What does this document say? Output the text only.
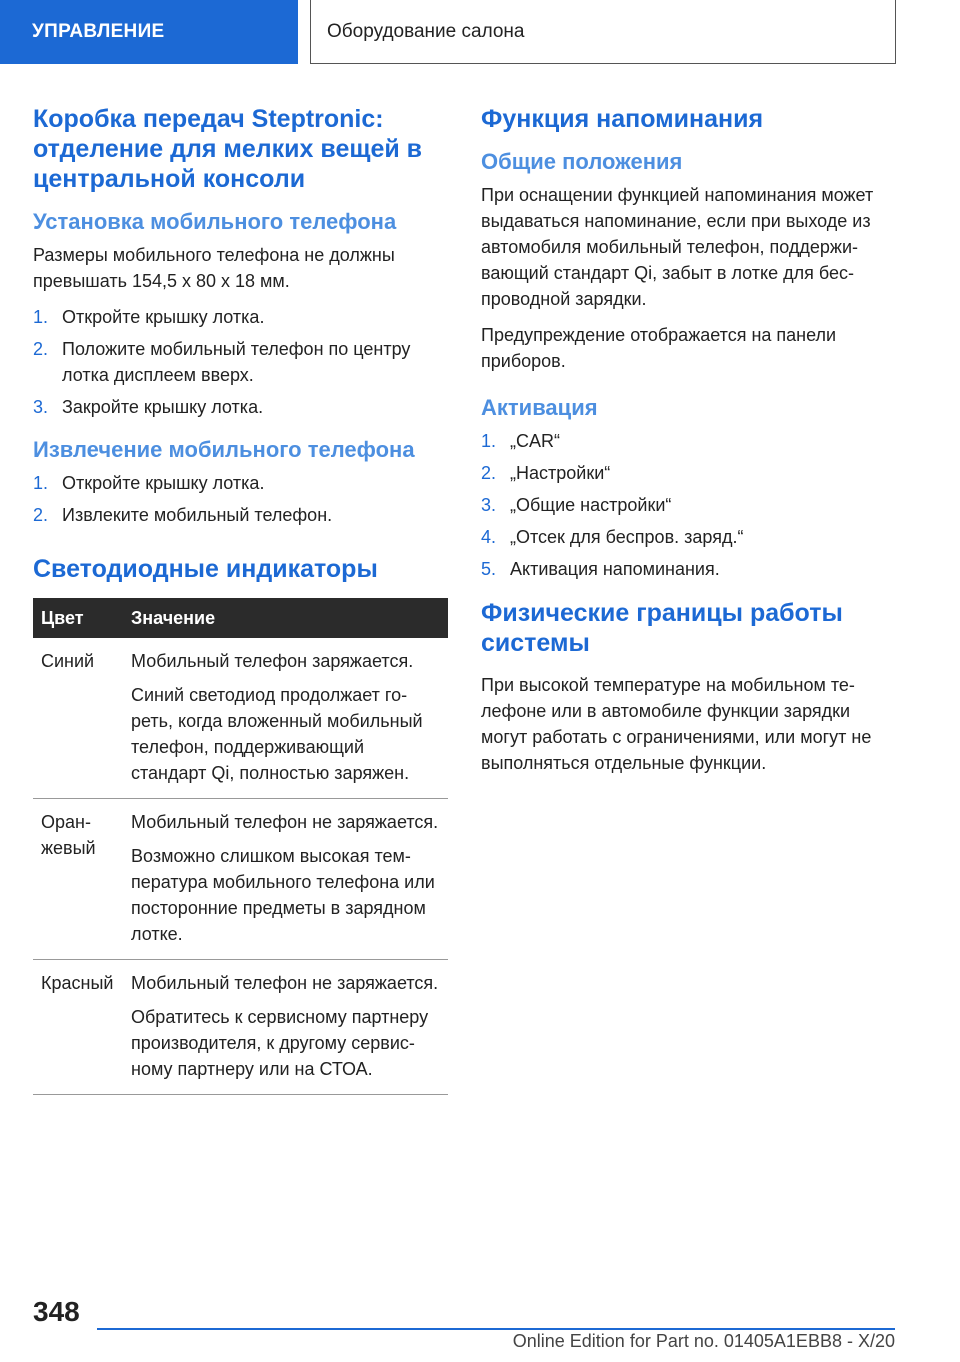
УПРАВЛЕНИЕ	Оборудование салона
Коробка передач Steptronic: отделение для мелких вещей в центральной консоли
Установка мобильного телефона

Размеры мобильного телефона не должны превышать 154,5 x 80 x 18 мм.

1. Откройте крышку лотка.
2. Положите мобильный телефон по центру лотка дисплеем вверх.
3. Закройте крышку лотка.
Извлечение мобильного телефона
1. Откройте крышку лотка.
2. Извлеките мобильный телефон.
Светодиодные индикаторы
Цвет	Значение
Синий	Мобильный телефон заряжается.

Синий светодиод продолжает гореть, когда вложенный мобильный телефон, поддерживающий стандарт Qi, полностью заряжен.

Оранжевый	Мобильный телефон не заряжается.

Возможно слишком высокая температура мобильного телефона или посторонние предметы в зарядном лотке.

Красный	Мобильный телефон не заряжается.

Обратитесь к сервисному партнеру производителя, к другому сервисному партнеру или на СТОА.

Функция напоминания
Общие положения

При оснащении функцией напоминания может выдаваться напоминание, если при выходе из автомобиля мобильный телефон, поддерживающий стандарт Qi, забыт в лотке для беспроводной зарядки.

Предупреждение отображается на панели приборов.

Активация
1. „CAR“
2. „Настройки“
3. „Общие настройки“
4. „Отсек для беспров. заряд.“
5. Активация напоминания.
Физические границы работы системы

При высокой температуре на мобильном телефоне или в автомобиле функции зарядки могут работать с ограничениями, или могут не выполняться отдельные функции.

348
Online Edition for Part no. 01405A1EBB8 - X/20
